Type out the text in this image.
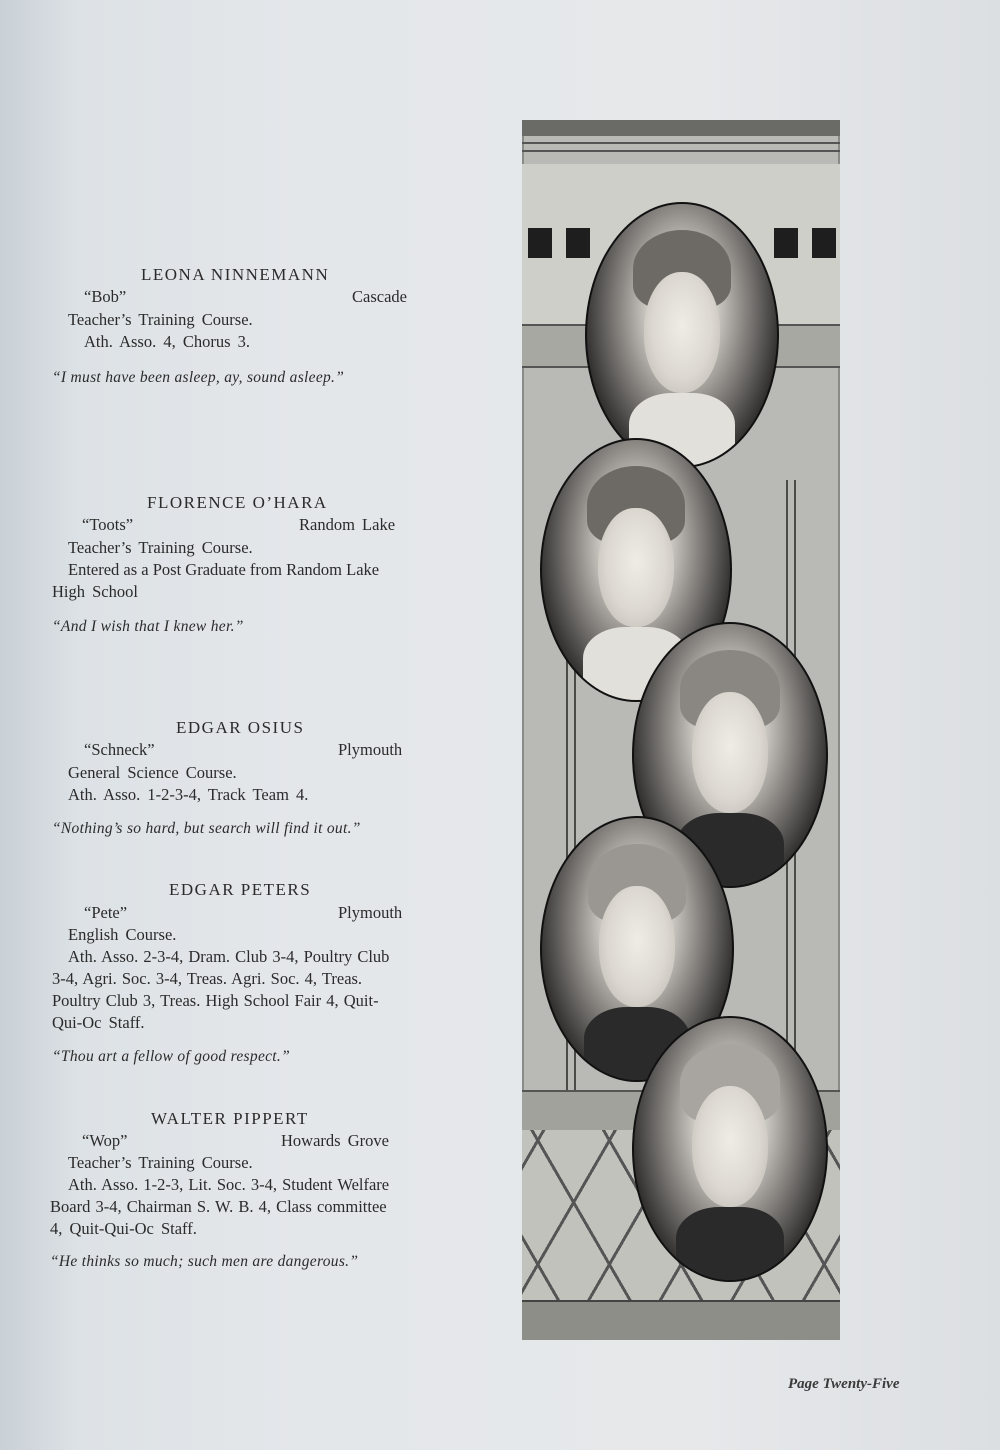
LEONA NINNEMANN
“Bob”	Cascade
Teacher’s Training Course.
Ath. Asso. 4, Chorus 3.
“I must have been asleep, ay, sound asleep.”
FLORENCE O’HARA
“Toots”	Random Lake
Teacher’s Training Course.
Entered as a Post Graduate from Random Lake
High School
“And I wish that I knew her.”
EDGAR OSIUS
“Schneck”	Plymouth
General Science Course.
Ath. Asso. 1-2-3-4, Track Team 4.
“Nothing’s so hard, but search will find it out.”
EDGAR PETERS
“Pete”	Plymouth
English Course.
Ath. Asso. 2-3-4, Dram. Club 3-4, Poultry Club
3-4, Agri. Soc. 3-4, Treas. Agri. Soc. 4, Treas.
Poultry Club 3, Treas. High School Fair 4, Quit-
Qui-Oc Staff.
“Thou art a fellow of good respect.”
WALTER PIPPERT
“Wop”	Howards Grove
Teacher’s Training Course.
Ath. Asso. 1-2-3, Lit. Soc. 3-4, Student Welfare
Board 3-4, Chairman S. W. B. 4, Class committee
4, Quit-Qui-Oc Staff.
“He thinks so much; such men are dangerous.”
Page Twenty-Five
